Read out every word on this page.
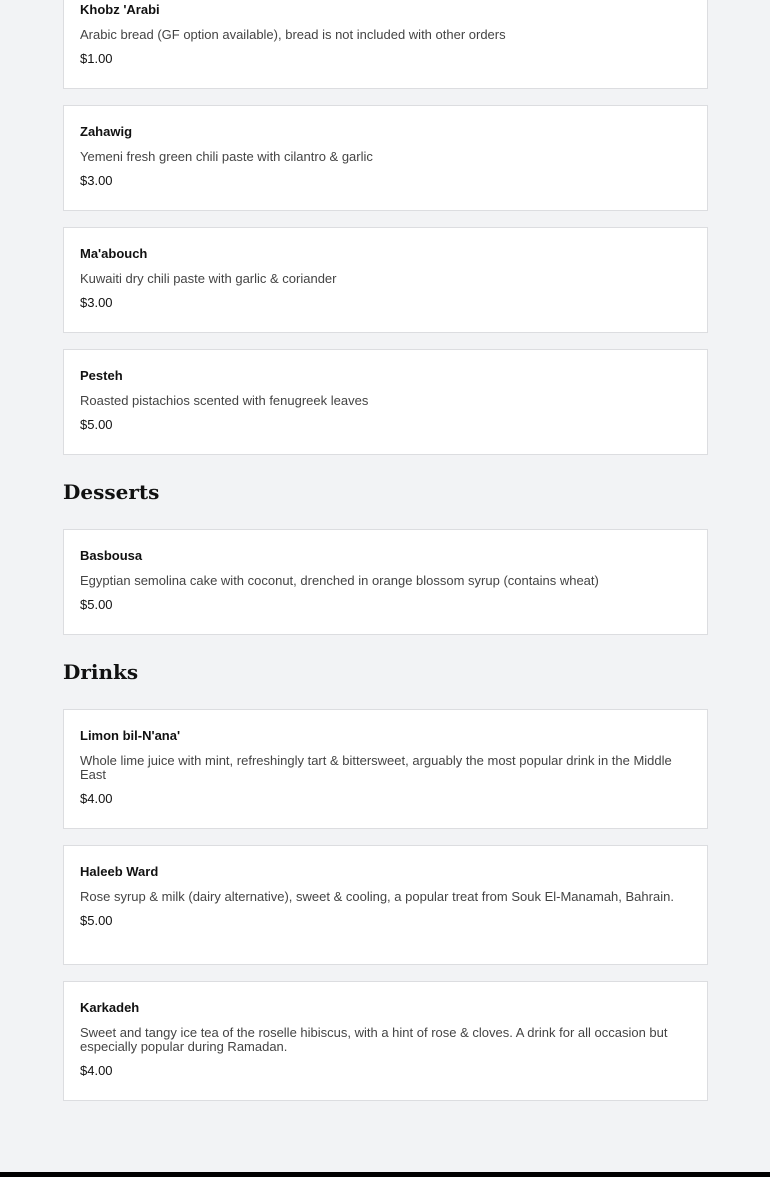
Khobz 'Arabi
Arabic bread (GF option available), bread is not included with other orders
$1.00
Zahawig
Yemeni fresh green chili paste with cilantro & garlic
$3.00
Ma'abouch
Kuwaiti dry chili paste with garlic & coriander
$3.00
Pesteh
Roasted pistachios scented with fenugreek leaves
$5.00
Desserts
Basbousa
Egyptian semolina cake with coconut, drenched in orange blossom syrup (contains wheat)
$5.00
Drinks
Limon bil-N'ana'
Whole lime juice with mint, refreshingly tart & bittersweet, arguably the most popular drink in the Middle East
$4.00
Haleeb Ward
Rose syrup & milk (dairy alternative), sweet & cooling, a popular treat from Souk El-Manamah, Bahrain.
$5.00
Karkadeh
Sweet and tangy ice tea of the roselle hibiscus, with a hint of rose & cloves. A drink for all occasion but especially popular during Ramadan.
$4.00
